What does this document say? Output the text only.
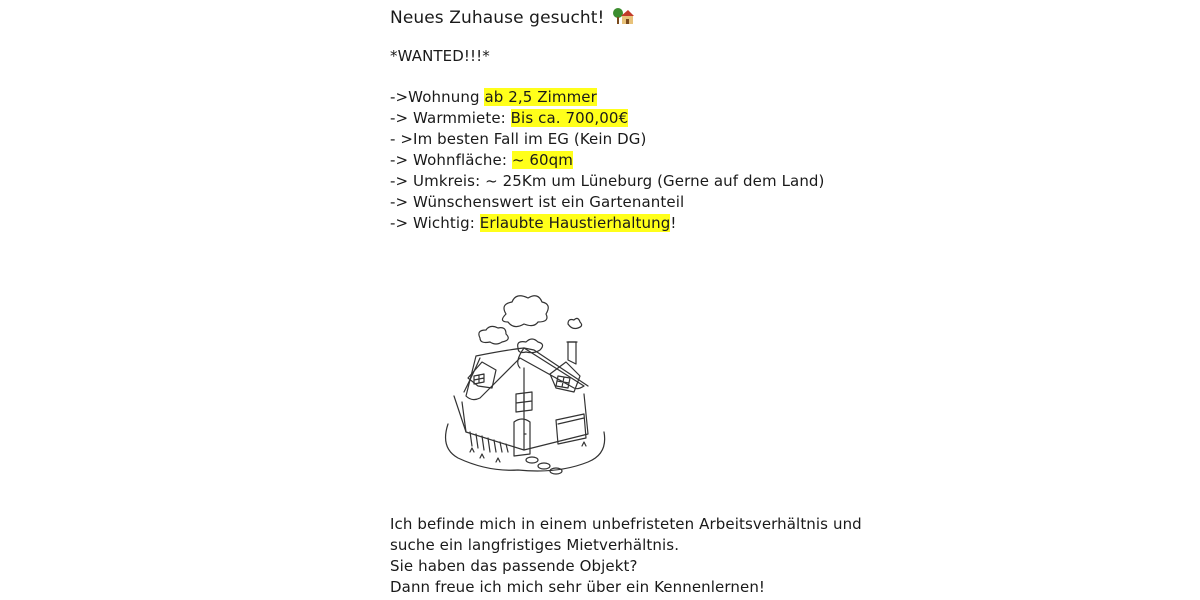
Neues Zuhause gesucht!
*WANTED!!!*
->Wohnung ab 2,5 Zimmer
-> Warmmiete: Bis ca. 700,00€
- >Im besten Fall im EG (Kein DG)
-> Wohnfläche: ~ 60qm
-> Umkreis: ~ 25Km um Lüneburg (Gerne auf dem Land)
-> Wünschenswert ist ein Gartenanteil
-> Wichtig: Erlaubte Haustierhaltung!
Ich befinde mich in einem unbefristeten Arbeitsverhältnis und
suche ein langfristiges Mietverhältnis.
Sie haben das passende Objekt?
Dann freue ich mich sehr über ein Kennenlernen!
